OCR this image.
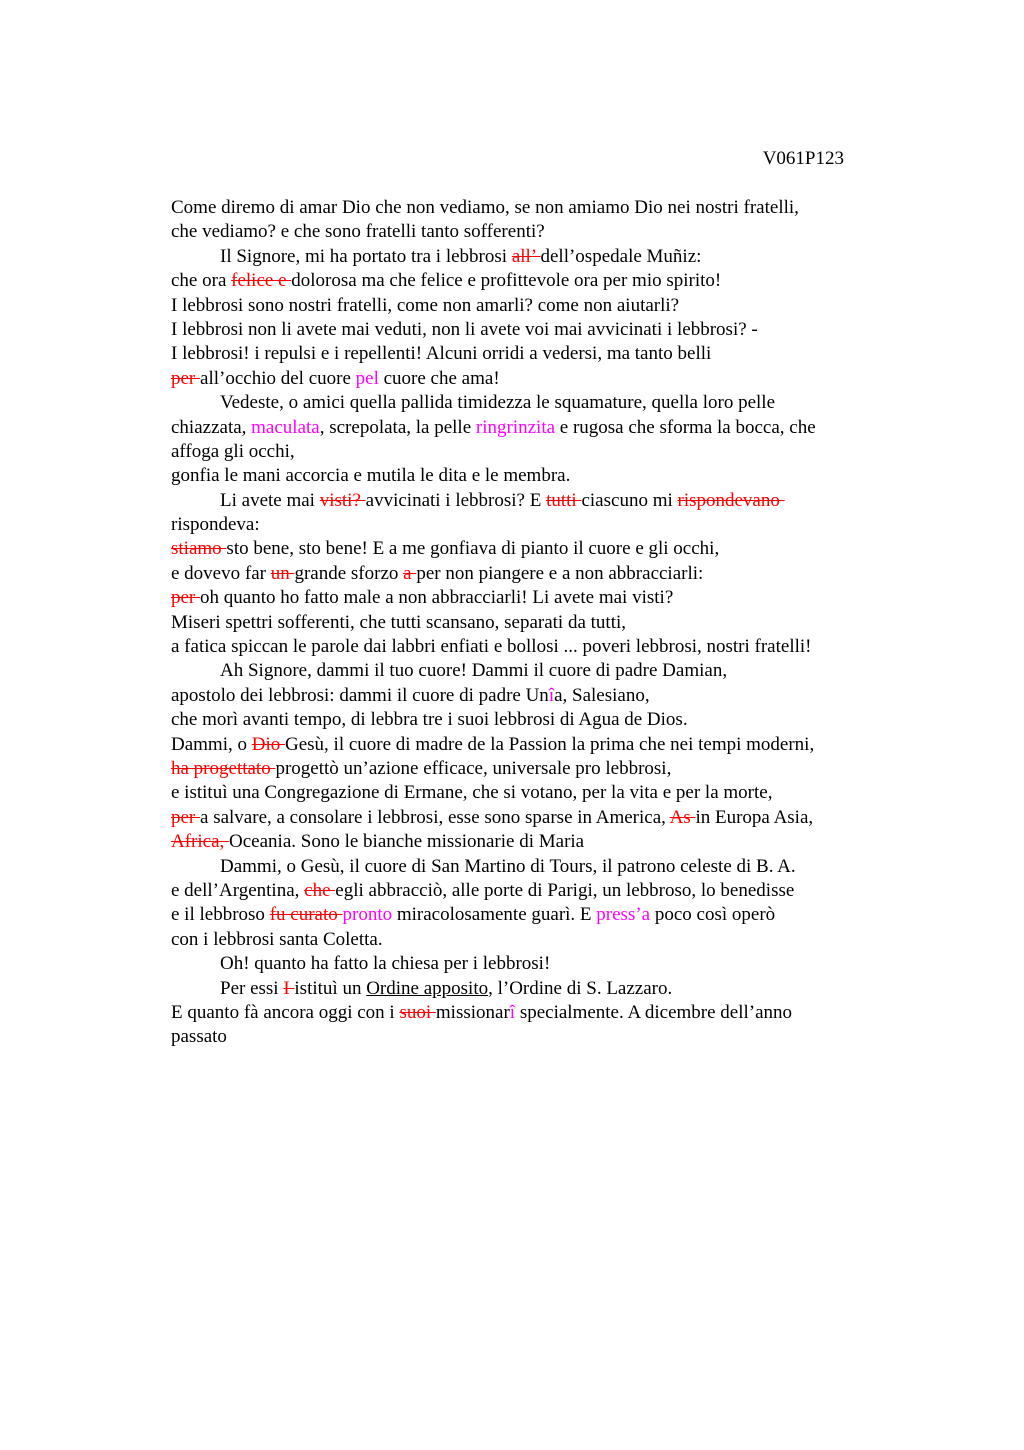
V061P123
Come diremo di amar Dio che non vediamo, se non amiamo Dio nei nostri fratelli,
che vediamo? e che sono fratelli tanto sofferenti?
Il Signore, mi ha portato tra i lebbrosi all’ dell’ospedale Muñiz:
che ora felice e dolorosa ma che felice e profittevole ora per mio spirito!
I lebbrosi sono nostri fratelli, come non amarli? come non aiutarli?
I lebbrosi non li avete mai veduti, non li avete voi mai avvicinati i lebbrosi? -
I lebbrosi! i repulsi e i repellenti! Alcuni orridi a vedersi, ma tanto belli
per all’occhio del cuore pel cuore che ama!
Vedeste, o amici quella pallida timidezza le squamature, quella loro pelle
chiazzata, maculata, screpolata, la pelle ringrinzita e rugosa che sforma la bocca, che
affoga gli occhi,
gonfia le mani accorcia e mutila le dita e le membra.
Li avete mai visti? avvicinati i lebbrosi? E tutti ciascuno mi rispondevano
rispondeva:
stiamo sto bene, sto bene! E a me gonfiava di pianto il cuore e gli occhi,
e dovevo far un grande sforzo a per non piangere e a non abbracciarli:
per oh quanto ho fatto male a non abbracciarli! Li avete mai visti?
Miseri spettri sofferenti, che tutti scansano, separati da tutti,
a fatica spiccan le parole dai labbri enfiati e bollosi ... poveri lebbrosi, nostri fratelli!
Ah Signore, dammi il tuo cuore! Dammi il cuore di padre Damian,
apostolo dei lebbrosi: dammi il cuore di padre Unîa, Salesiano,
che morì avanti tempo, di lebbra tre i suoi lebbrosi di Agua de Dios.
Dammi, o Dio Gesù, il cuore di madre de la Passion la prima che nei tempi moderni,
ha progettato progettò un’azione efficace, universale pro lebbrosi,
e istituì una Congregazione di Ermane, che si votano, per la vita e per la morte,
per a salvare, a consolare i lebbrosi, esse sono sparse in America, As in Europa Asia,
Africa, Oceania. Sono le bianche missionarie di Maria
Dammi, o Gesù, il cuore di San Martino di Tours, il patrono celeste di B. A.
e dell’Argentina, che egli abbracciò, alle porte di Parigi, un lebbroso, lo benedisse
e il lebbroso fu curato pronto miracolosamente guarì. E press’a poco così operò
con i lebbrosi santa Coletta.
Oh! quanto ha fatto la chiesa per i lebbrosi!
Per essi I istituì un Ordine apposito, l’Ordine di S. Lazzaro.
E quanto fà ancora oggi con i suoi missionarî specialmente. A dicembre dell’anno
passato
